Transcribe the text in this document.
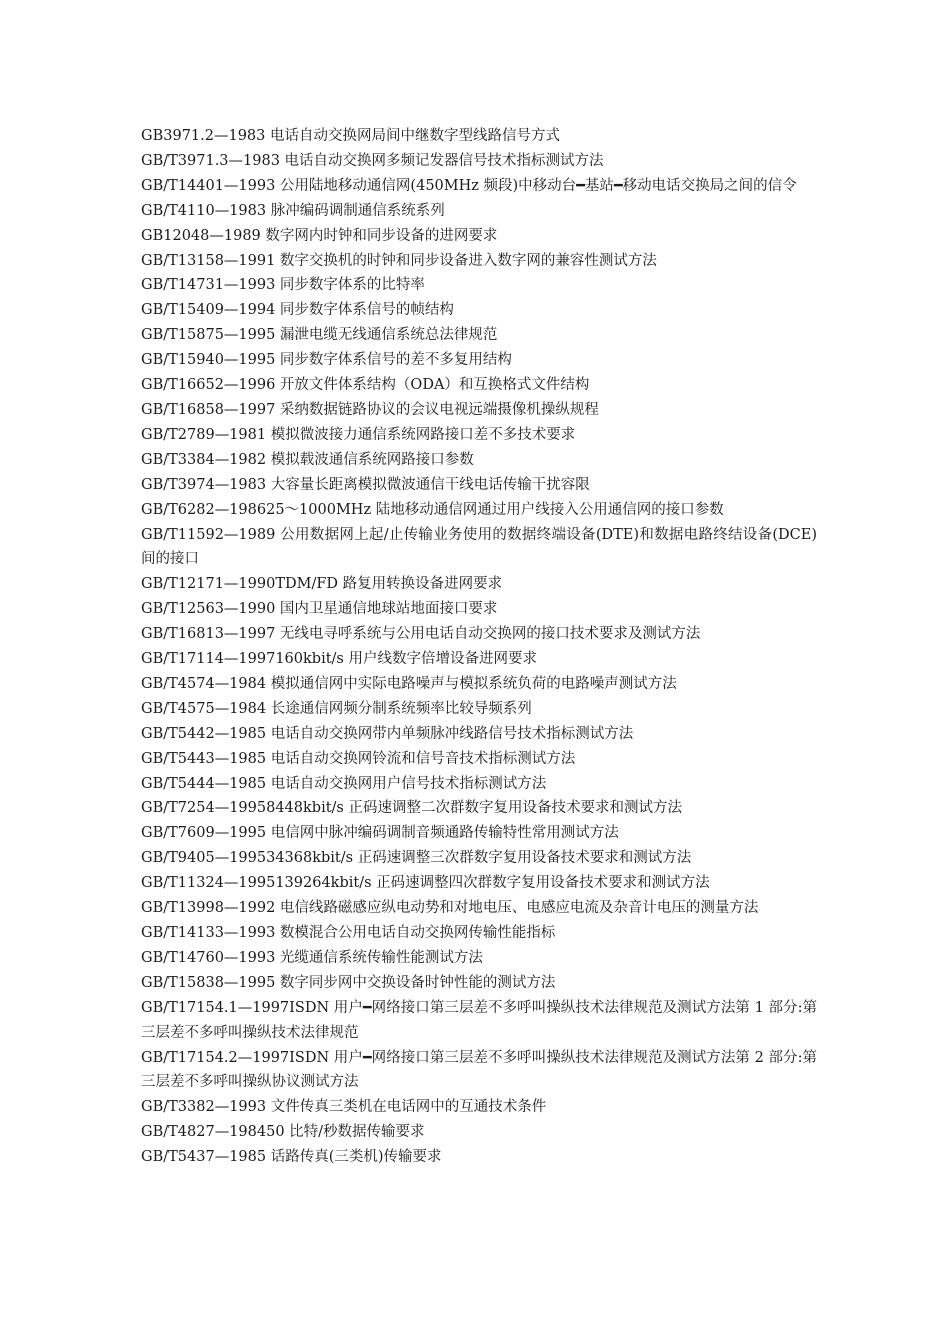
GB3971.2—1983 电话自动交换网局间中继数字型线路信号方式
GB/T3971.3—1983 电话自动交换网多频记发器信号技术指标测试方法
GB/T14401—1993 公用陆地移动通信网(450MHz 频段)中移动台━基站━移动电话交换局之间的信令
GB/T4110—1983 脉冲编码调制通信系统系列
GB12048—1989 数字网内时钟和同步设备的进网要求
GB/T13158—1991 数字交换机的时钟和同步设备进入数字网的兼容性测试方法
GB/T14731—1993 同步数字体系的比特率
GB/T15409—1994 同步数字体系信号的帧结构
GB/T15875—1995 漏泄电缆无线通信系统总法律规范
GB/T15940—1995 同步数字体系信号的差不多复用结构
GB/T16652—1996 开放文件体系结构（ODA）和互换格式文件结构
GB/T16858—1997 采纳数据链路协议的会议电视远端摄像机操纵规程
GB/T2789—1981 模拟微波接力通信系统网路接口差不多技术要求
GB/T3384—1982 模拟载波通信系统网路接口参数
GB/T3974—1983 大容量长距离模拟微波通信干线电话传输干扰容限
GB/T6282—198625～1000MHz 陆地移动通信网通过用户线接入公用通信网的接口参数
GB/T11592—1989 公用数据网上起/止传输业务使用的数据终端设备(DTE)和数据电路终结设备(DCE)间的接口
GB/T12171—1990TDM/FD 路复用转换设备进网要求
GB/T12563—1990 国内卫星通信地球站地面接口要求
GB/T16813—1997 无线电寻呼系统与公用电话自动交换网的接口技术要求及测试方法
GB/T17114—1997160kbit/s 用户线数字倍增设备进网要求
GB/T4574—1984 模拟通信网中实际电路噪声与模拟系统负荷的电路噪声测试方法
GB/T4575—1984 长途通信网频分制系统频率比较导频系列
GB/T5442—1985 电话自动交换网带内单频脉冲线路信号技术指标测试方法
GB/T5443—1985 电话自动交换网铃流和信号音技术指标测试方法
GB/T5444—1985 电话自动交换网用户信号技术指标测试方法
GB/T7254—19958448kbit/s 正码速调整二次群数字复用设备技术要求和测试方法
GB/T7609—1995 电信网中脉冲编码调制音频通路传输特性常用测试方法
GB/T9405—199534368kbit/s 正码速调整三次群数字复用设备技术要求和测试方法
GB/T11324—1995139264kbit/s 正码速调整四次群数字复用设备技术要求和测试方法
GB/T13998—1992 电信线路磁感应纵电动势和对地电压、电感应电流及杂音计电压的测量方法
GB/T14133—1993 数模混合公用电话自动交换网传输性能指标
GB/T14760—1993 光缆通信系统传输性能测试方法
GB/T15838—1995 数字同步网中交换设备时钟性能的测试方法
GB/T17154.1—1997ISDN 用户━网络接口第三层差不多呼叫操纵技术法律规范及测试方法第 1 部分:第三层差不多呼叫操纵技术法律规范
GB/T17154.2—1997ISDN 用户━网络接口第三层差不多呼叫操纵技术法律规范及测试方法第 2 部分:第三层差不多呼叫操纵协议测试方法
GB/T3382—1993 文件传真三类机在电话网中的互通技术条件
GB/T4827—198450 比特/秒数据传输要求
GB/T5437—1985 话路传真(三类机)传输要求
